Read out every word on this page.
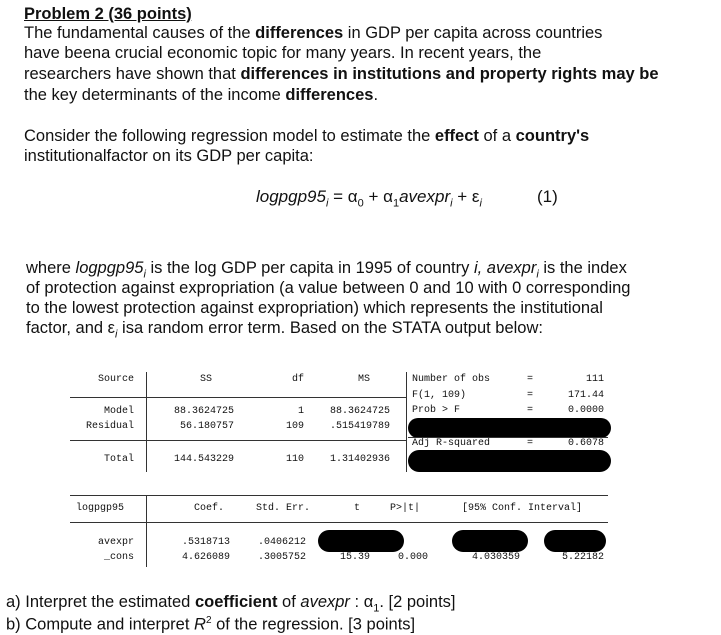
Problem 2 (36 points)
The fundamental causes of the differences in GDP per capita across countries
have beena crucial economic topic for many years. In recent years, the
researchers have shown that differences in institutions and property rights may be
the key determinants of the income differences.
Consider the following regression model to estimate the effect of a country's
institutionalfactor on its GDP per capita:
$logpgp95_i = \alpha_0 + \alpha_1avexpr_i + \varepsilon_i$	(1)
where $logpgp95_i$ is the log GDP per capita in 1995 of country i, avexpr$_i$ is the index
of protection against expropriation (a value between 0 and 10 with 0 corresponding
to the lowest protection against expropriation) which represents the institutional
factor, and $\varepsilon_i$ isa random error term. Based on the STATA output below:
Source	SS	df	MS
Model	88.3624725	1	88.3624725
Residual	56.180757	109	.515419789
Total	144.543229	110	1.31402936
Number of obs	=	111
F(1, 109)	=	171.44
Prob > F	=	0.0000
Adj R-squared	=	0.6078
logpgp95	Coef.	Std. Err.	t	P>|t|	[95% Conf. Interval]
avexpr	.5318713	.0406212
_cons	4.626089	.3005752	15.39	0.000	4.030359	5.22182
a) Interpret the estimated coefficient of avexpr : $\alpha_1$. [2 points]
b) Compute and interpret $R^2$ of the regression. [3 points]
